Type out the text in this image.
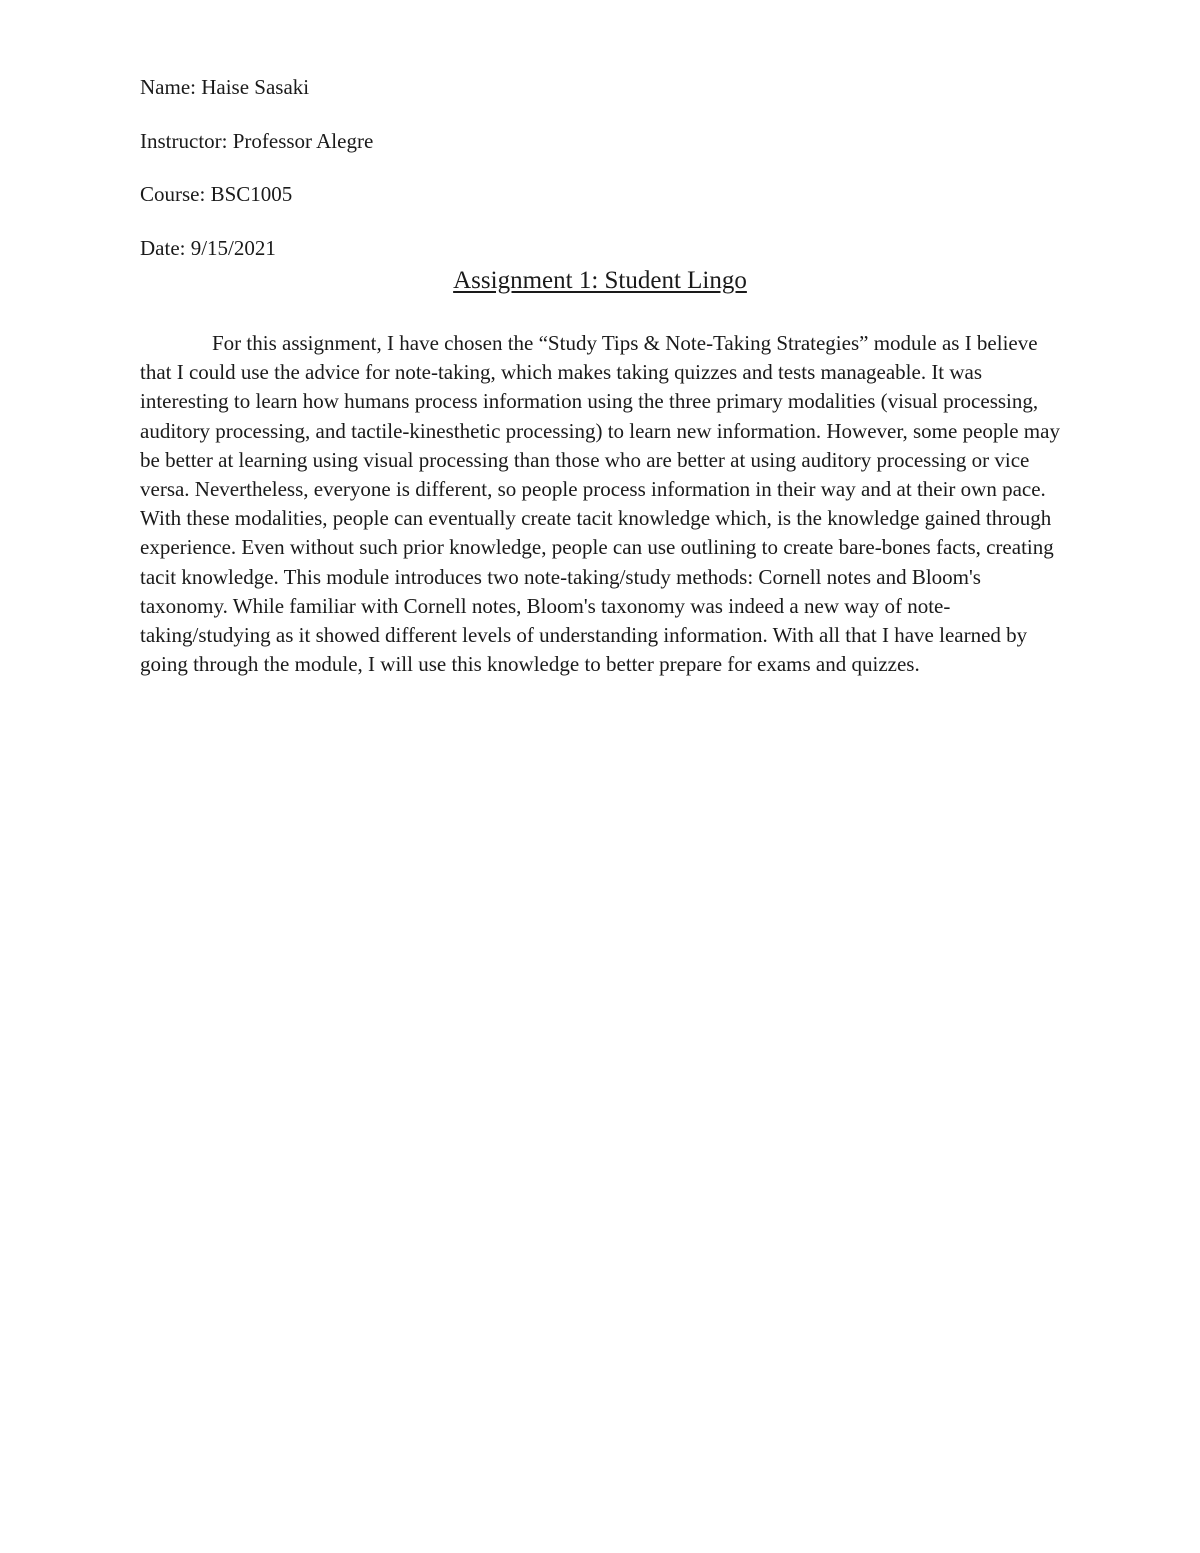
Name: Haise Sasaki
Instructor: Professor Alegre
Course: BSC1005
Date: 9/15/2021
Assignment 1: Student Lingo

For this assignment, I have chosen the “Study Tips & Note-Taking Strategies” module as I believe that I could use the advice for note-taking, which makes taking quizzes and tests manageable. It was interesting to learn how humans process information using the three primary modalities (visual processing, auditory processing, and tactile-kinesthetic processing) to learn new information. However, some people may be better at learning using visual processing than those who are better at using auditory processing or vice versa. Nevertheless, everyone is different, so people process information in their way and at their own pace. With these modalities, people can eventually create tacit knowledge which, is the knowledge gained through experience. Even without such prior knowledge, people can use outlining to create bare-bones facts, creating tacit knowledge. This module introduces two note-taking/study methods: Cornell notes and Bloom's taxonomy. While familiar with Cornell notes, Bloom's taxonomy was indeed a new way of note-taking/studying as it showed different levels of understanding information. With all that I have learned by going through the module, I will use this knowledge to better prepare for exams and quizzes.
